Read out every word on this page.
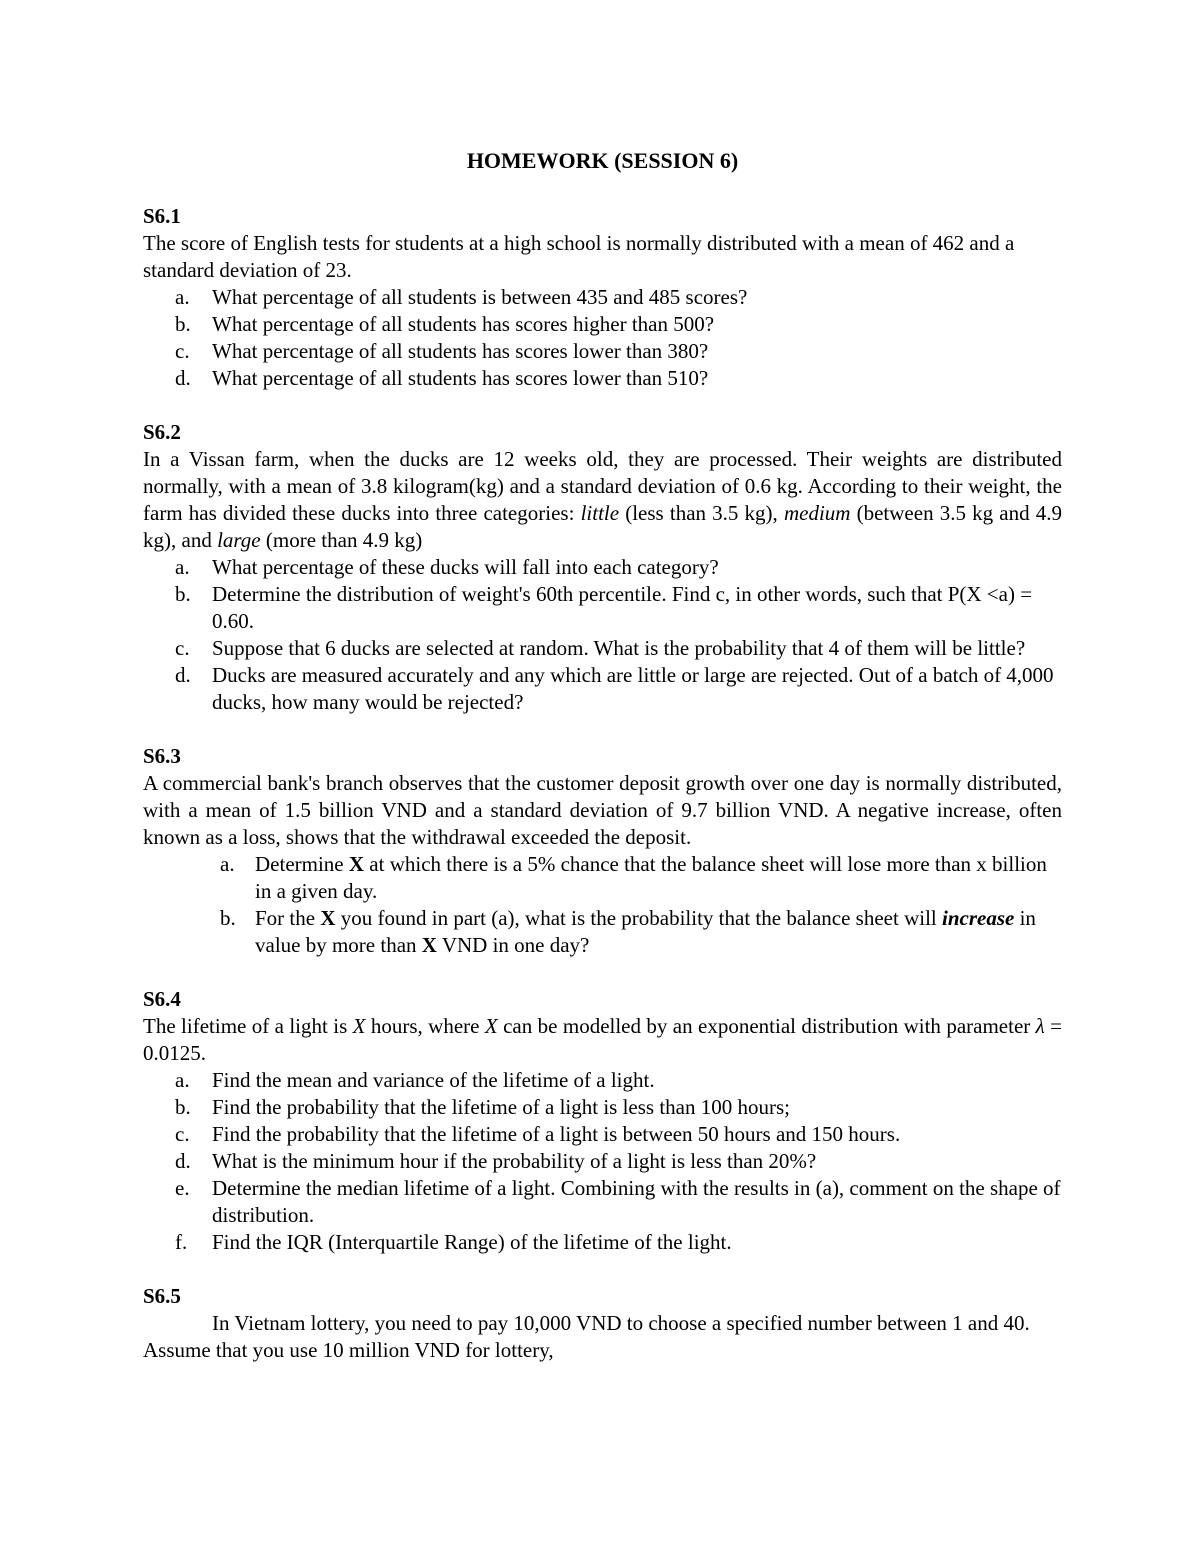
HOMEWORK (SESSION 6)
S6.1

The score of English tests for students at a high school is normally distributed with a mean of 462 and a standard deviation of 23.

a. What percentage of all students is between 435 and 485 scores?
b. What percentage of all students has scores higher than 500?
c. What percentage of all students has scores lower than 380?
d. What percentage of all students has scores lower than 510?
S6.2

In a Vissan farm, when the ducks are 12 weeks old, they are processed. Their weights are distributed normally, with a mean of 3.8 kilogram(kg) and a standard deviation of 0.6 kg. According to their weight, the farm has divided these ducks into three categories: little (less than 3.5 kg), medium (between 3.5 kg and 4.9 kg), and large (more than 4.9 kg)

a. What percentage of these ducks will fall into each category?
b. Determine the distribution of weight's 60th percentile. Find c, in other words, such that P(X <a) = 0.60.
c. Suppose that 6 ducks are selected at random. What is the probability that 4 of them will be little?
d. Ducks are measured accurately and any which are little or large are rejected. Out of a batch of 4,000 ducks, how many would be rejected?
S6.3

A commercial bank's branch observes that the customer deposit growth over one day is normally distributed, with a mean of 1.5 billion VND and a standard deviation of 9.7 billion VND. A negative increase, often known as a loss, shows that the withdrawal exceeded the deposit.

a. Determine X at which there is a 5% chance that the balance sheet will lose more than x billion in a given day.
b. For the X you found in part (a), what is the probability that the balance sheet will increase in value by more than X VND in one day?
S6.4

The lifetime of a light is X hours, where X can be modelled by an exponential distribution with parameter λ = 0.0125.

a. Find the mean and variance of the lifetime of a light.
b. Find the probability that the lifetime of a light is less than 100 hours;
c. Find the probability that the lifetime of a light is between 50 hours and 150 hours.
d. What is the minimum hour if the probability of a light is less than 20%?
e. Determine the median lifetime of a light. Combining with the results in (a), comment on the shape of distribution.
f. Find the IQR (Interquartile Range) of the lifetime of the light.
S6.5

In Vietnam lottery, you need to pay 10,000 VND to choose a specified number between 1 and 40. Assume that you use 10 million VND for lottery,
